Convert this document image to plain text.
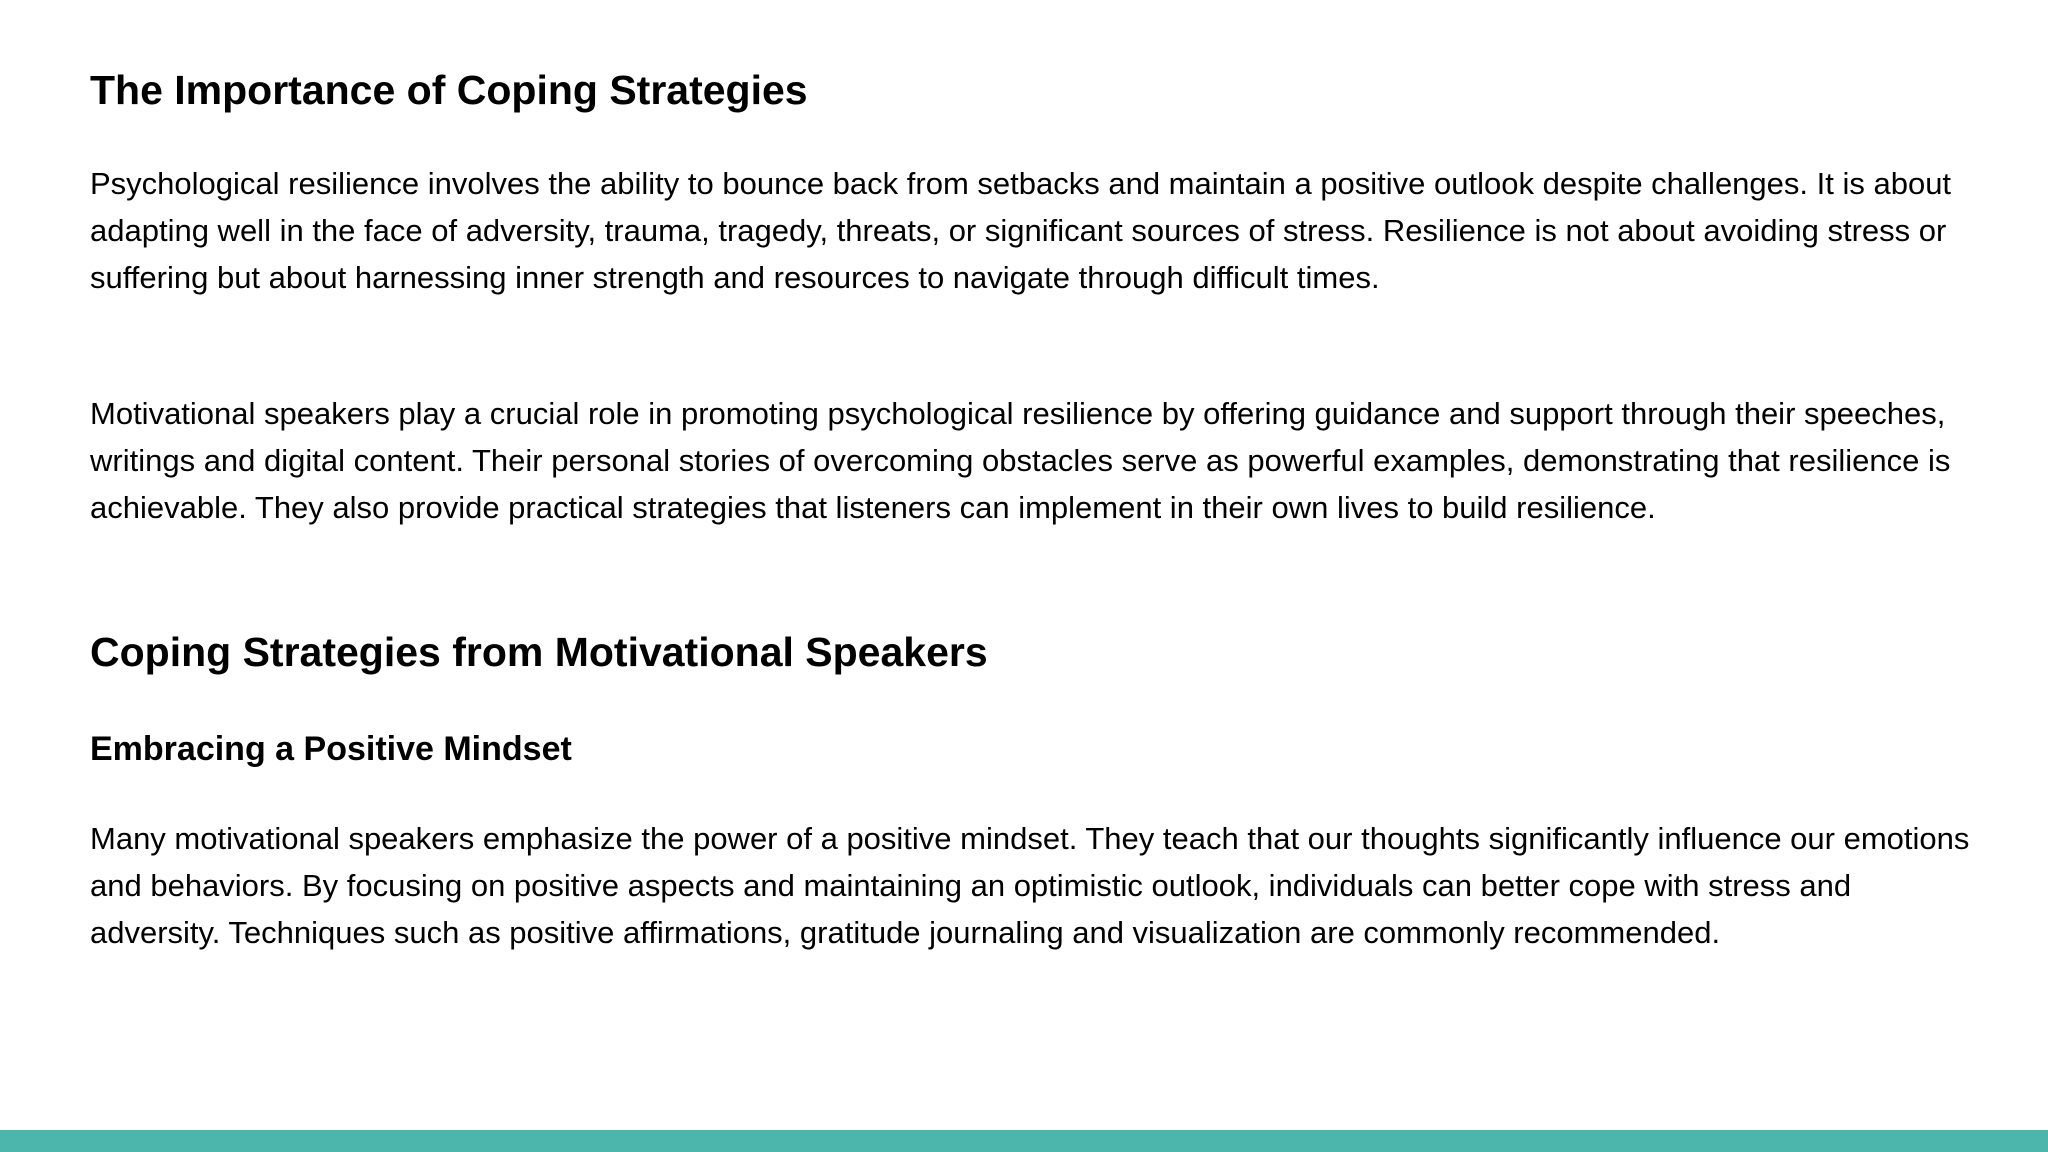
The Importance of Coping Strategies

Psychological resilience involves the ability to bounce back from setbacks and maintain a positive outlook despite challenges. It is about adapting well in the face of adversity, trauma, tragedy, threats, or significant sources of stress. Resilience is not about avoiding stress or suffering but about harnessing inner strength and resources to navigate through difficult times.

Motivational speakers play a crucial role in promoting psychological resilience by offering guidance and support through their speeches, writings and digital content. Their personal stories of overcoming obstacles serve as powerful examples, demonstrating that resilience is achievable. They also provide practical strategies that listeners can implement in their own lives to build resilience.

Coping Strategies from Motivational Speakers
Embracing a Positive Mindset

Many motivational speakers emphasize the power of a positive mindset. They teach that our thoughts significantly influence our emotions and behaviors. By focusing on positive aspects and maintaining an optimistic outlook, individuals can better cope with stress and adversity. Techniques such as positive affirmations, gratitude journaling and visualization are commonly recommended.
